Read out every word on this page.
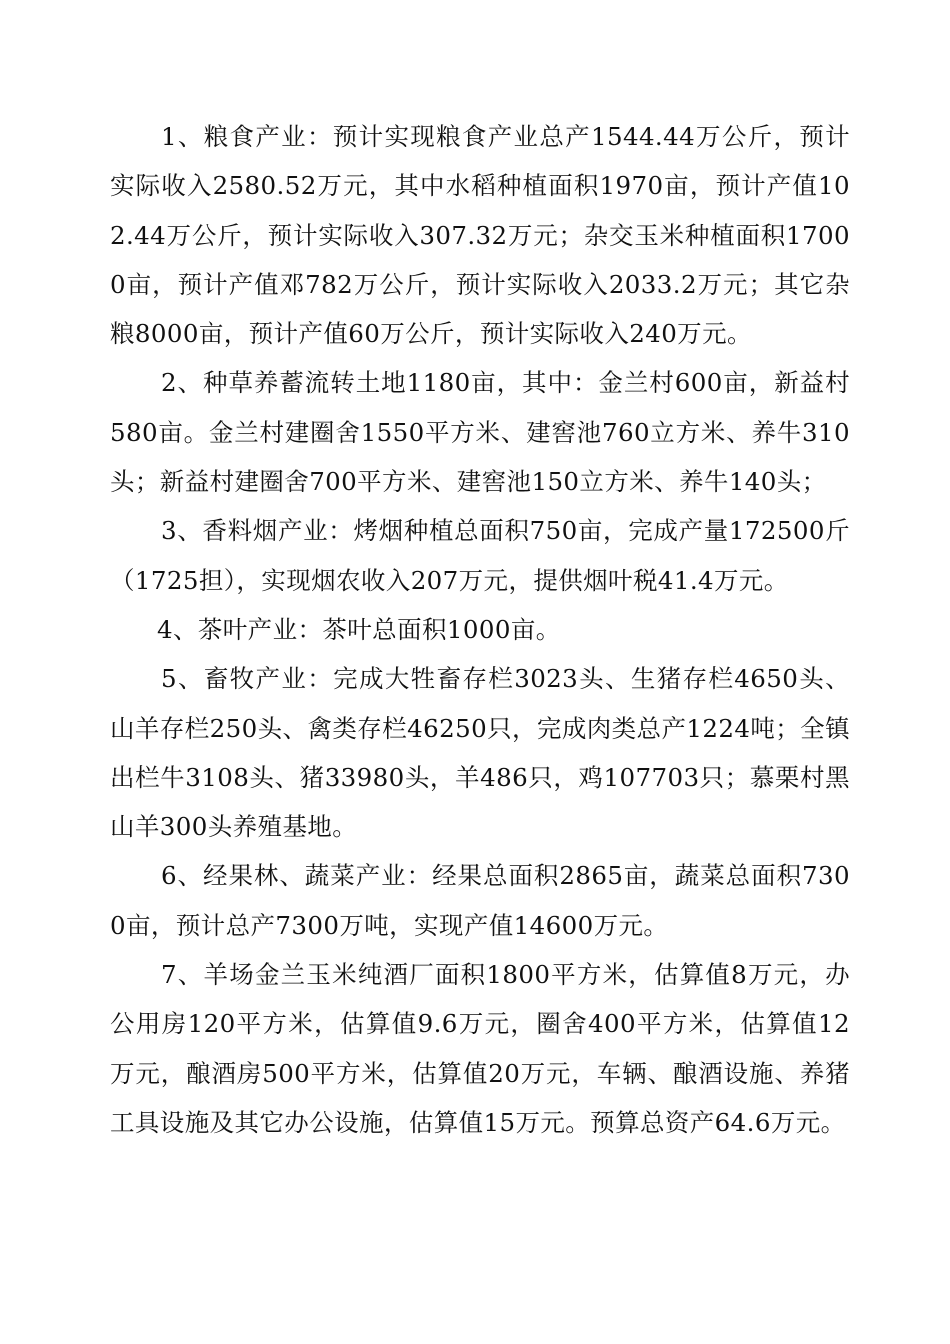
1、粮食产业：预计实现粮食产业总产1544.44万公斤，预计实际收入2580.52万元，其中水稻种植面积1970亩，预计产值102.44万公斤，预计实际收入307.32万元；杂交玉米种植面积17000亩，预计产值邓782万公斤，预计实际收入2033.2万元；其它杂粮8000亩，预计产值60万公斤，预计实际收入240万元。

2、种草养蓄流转土地1180亩，其中：金兰村600亩，新益村580亩。金兰村建圈舍1550平方米、建窖池760立方米、养牛310头；新益村建圈舍700平方米、建窖池150立方米、养牛140头；

3、香料烟产业：烤烟种植总面积750亩，完成产量172500斤（1725担），实现烟农收入207万元，提供烟叶税41.4万元。

4、茶叶产业：茶叶总面积1000亩。

5、畜牧产业：完成大牲畜存栏3023头、生猪存栏4650头、山羊存栏250头、禽类存栏46250只，完成肉类总产1224吨；全镇出栏牛3108头、猪33980头，羊486只，鸡107703只；慕栗村黑山羊300头养殖基地。

6、经果林、蔬菜产业：经果总面积2865亩，蔬菜总面积7300亩，预计总产7300万吨，实现产值14600万元。

7、羊场金兰玉米纯酒厂面积1800平方米，估算值8万元，办公用房120平方米，估算值9.6万元，圈舍400平方米，估算值12万元，酿酒房500平方米，估算值20万元，车辆、酿酒设施、养猪工具设施及其它办公设施，估算值15万元。预算总资产64.6万元。
